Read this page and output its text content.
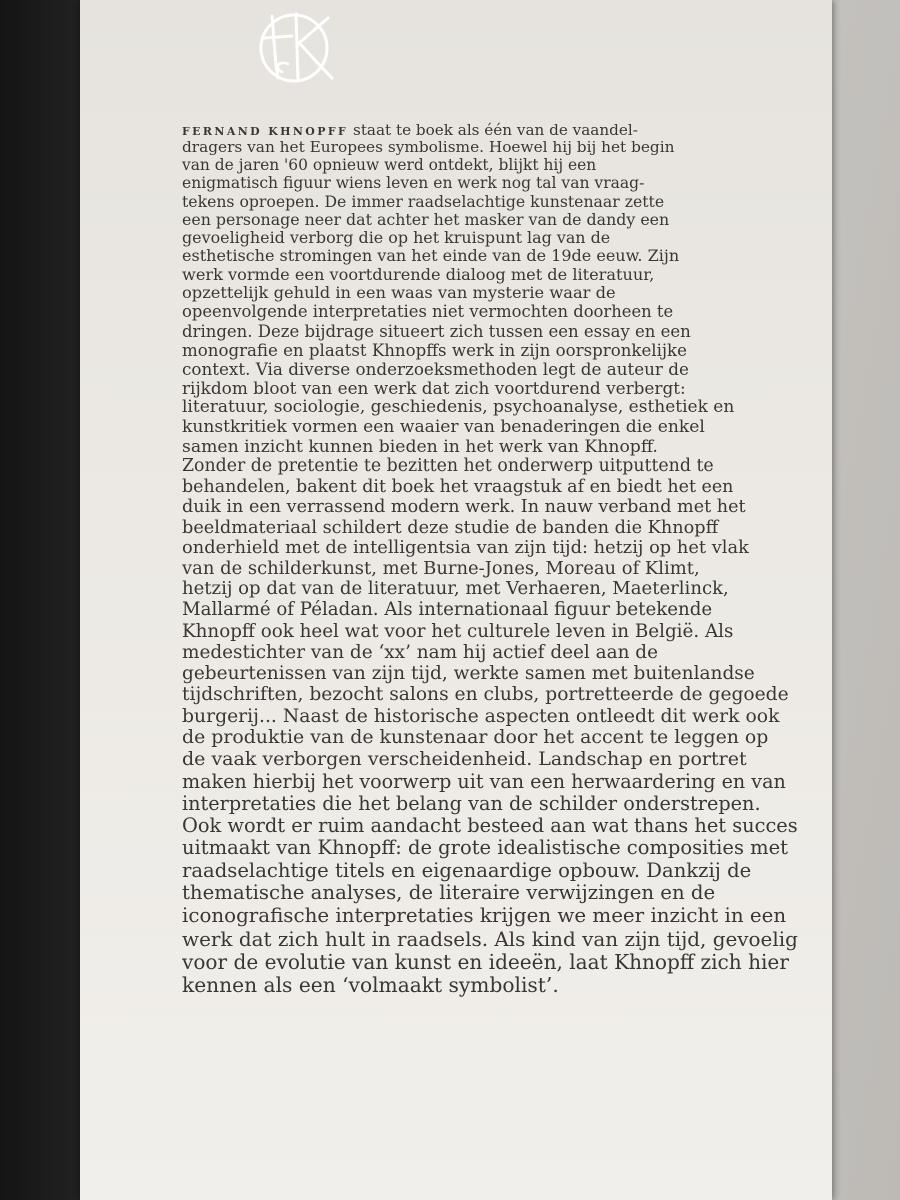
FERNAND KHNOPFF staat te boek als één van de vaandel-
dragers van het Europees symbolisme. Hoewel hij bij het begin
van de jaren '60 opnieuw werd ontdekt, blijkt hij een
enigmatisch figuur wiens leven en werk nog tal van vraag-
tekens oproepen. De immer raadselachtige kunstenaar zette
een personage neer dat achter het masker van de dandy een
gevoeligheid verborg die op het kruispunt lag van de
esthetische stromingen van het einde van de 19de eeuw. Zijn
werk vormde een voortdurende dialoog met de literatuur,
opzettelijk gehuld in een waas van mysterie waar de
opeenvolgende interpretaties niet vermochten doorheen te
dringen. Deze bijdrage situeert zich tussen een essay en een
monografie en plaatst Khnopffs werk in zijn oorspronkelijke
context. Via diverse onderzoeksmethoden legt de auteur de
rijkdom bloot van een werk dat zich voortdurend verbergt:
literatuur, sociologie, geschiedenis, psychoanalyse, esthetiek en
kunstkritiek vormen een waaier van benaderingen die enkel
samen inzicht kunnen bieden in het werk van Khnopff.
Zonder de pretentie te bezitten het onderwerp uitputtend te
behandelen, bakent dit boek het vraagstuk af en biedt het een
duik in een verrassend modern werk. In nauw verband met het
beeldmateriaal schildert deze studie de banden die Khnopff
onderhield met de intelligentsia van zijn tijd: hetzij op het vlak
van de schilderkunst, met Burne-Jones, Moreau of Klimt,
hetzij op dat van de literatuur, met Verhaeren, Maeterlinck,
Mallarmé of Péladan. Als internationaal figuur betekende
Khnopff ook heel wat voor het culturele leven in België. Als
medestichter van de ‘xx’ nam hij actief deel aan de
gebeurtenissen van zijn tijd, werkte samen met buitenlandse
tijdschriften, bezocht salons en clubs, portretteerde de gegoede
burgerij... Naast de historische aspecten ontleedt dit werk ook
de produktie van de kunstenaar door het accent te leggen op
de vaak verborgen verscheidenheid. Landschap en portret
maken hierbij het voorwerp uit van een herwaardering en van
interpretaties die het belang van de schilder onderstrepen.
Ook wordt er ruim aandacht besteed aan wat thans het succes
uitmaakt van Khnopff: de grote idealistische composities met
raadselachtige titels en eigenaardige opbouw. Dankzij de
thematische analyses, de literaire verwijzingen en de
iconografische interpretaties krijgen we meer inzicht in een
werk dat zich hult in raadsels. Als kind van zijn tijd, gevoelig
voor de evolutie van kunst en ideeën, laat Khnopff zich hier
kennen als een ‘volmaakt symbolist’.
